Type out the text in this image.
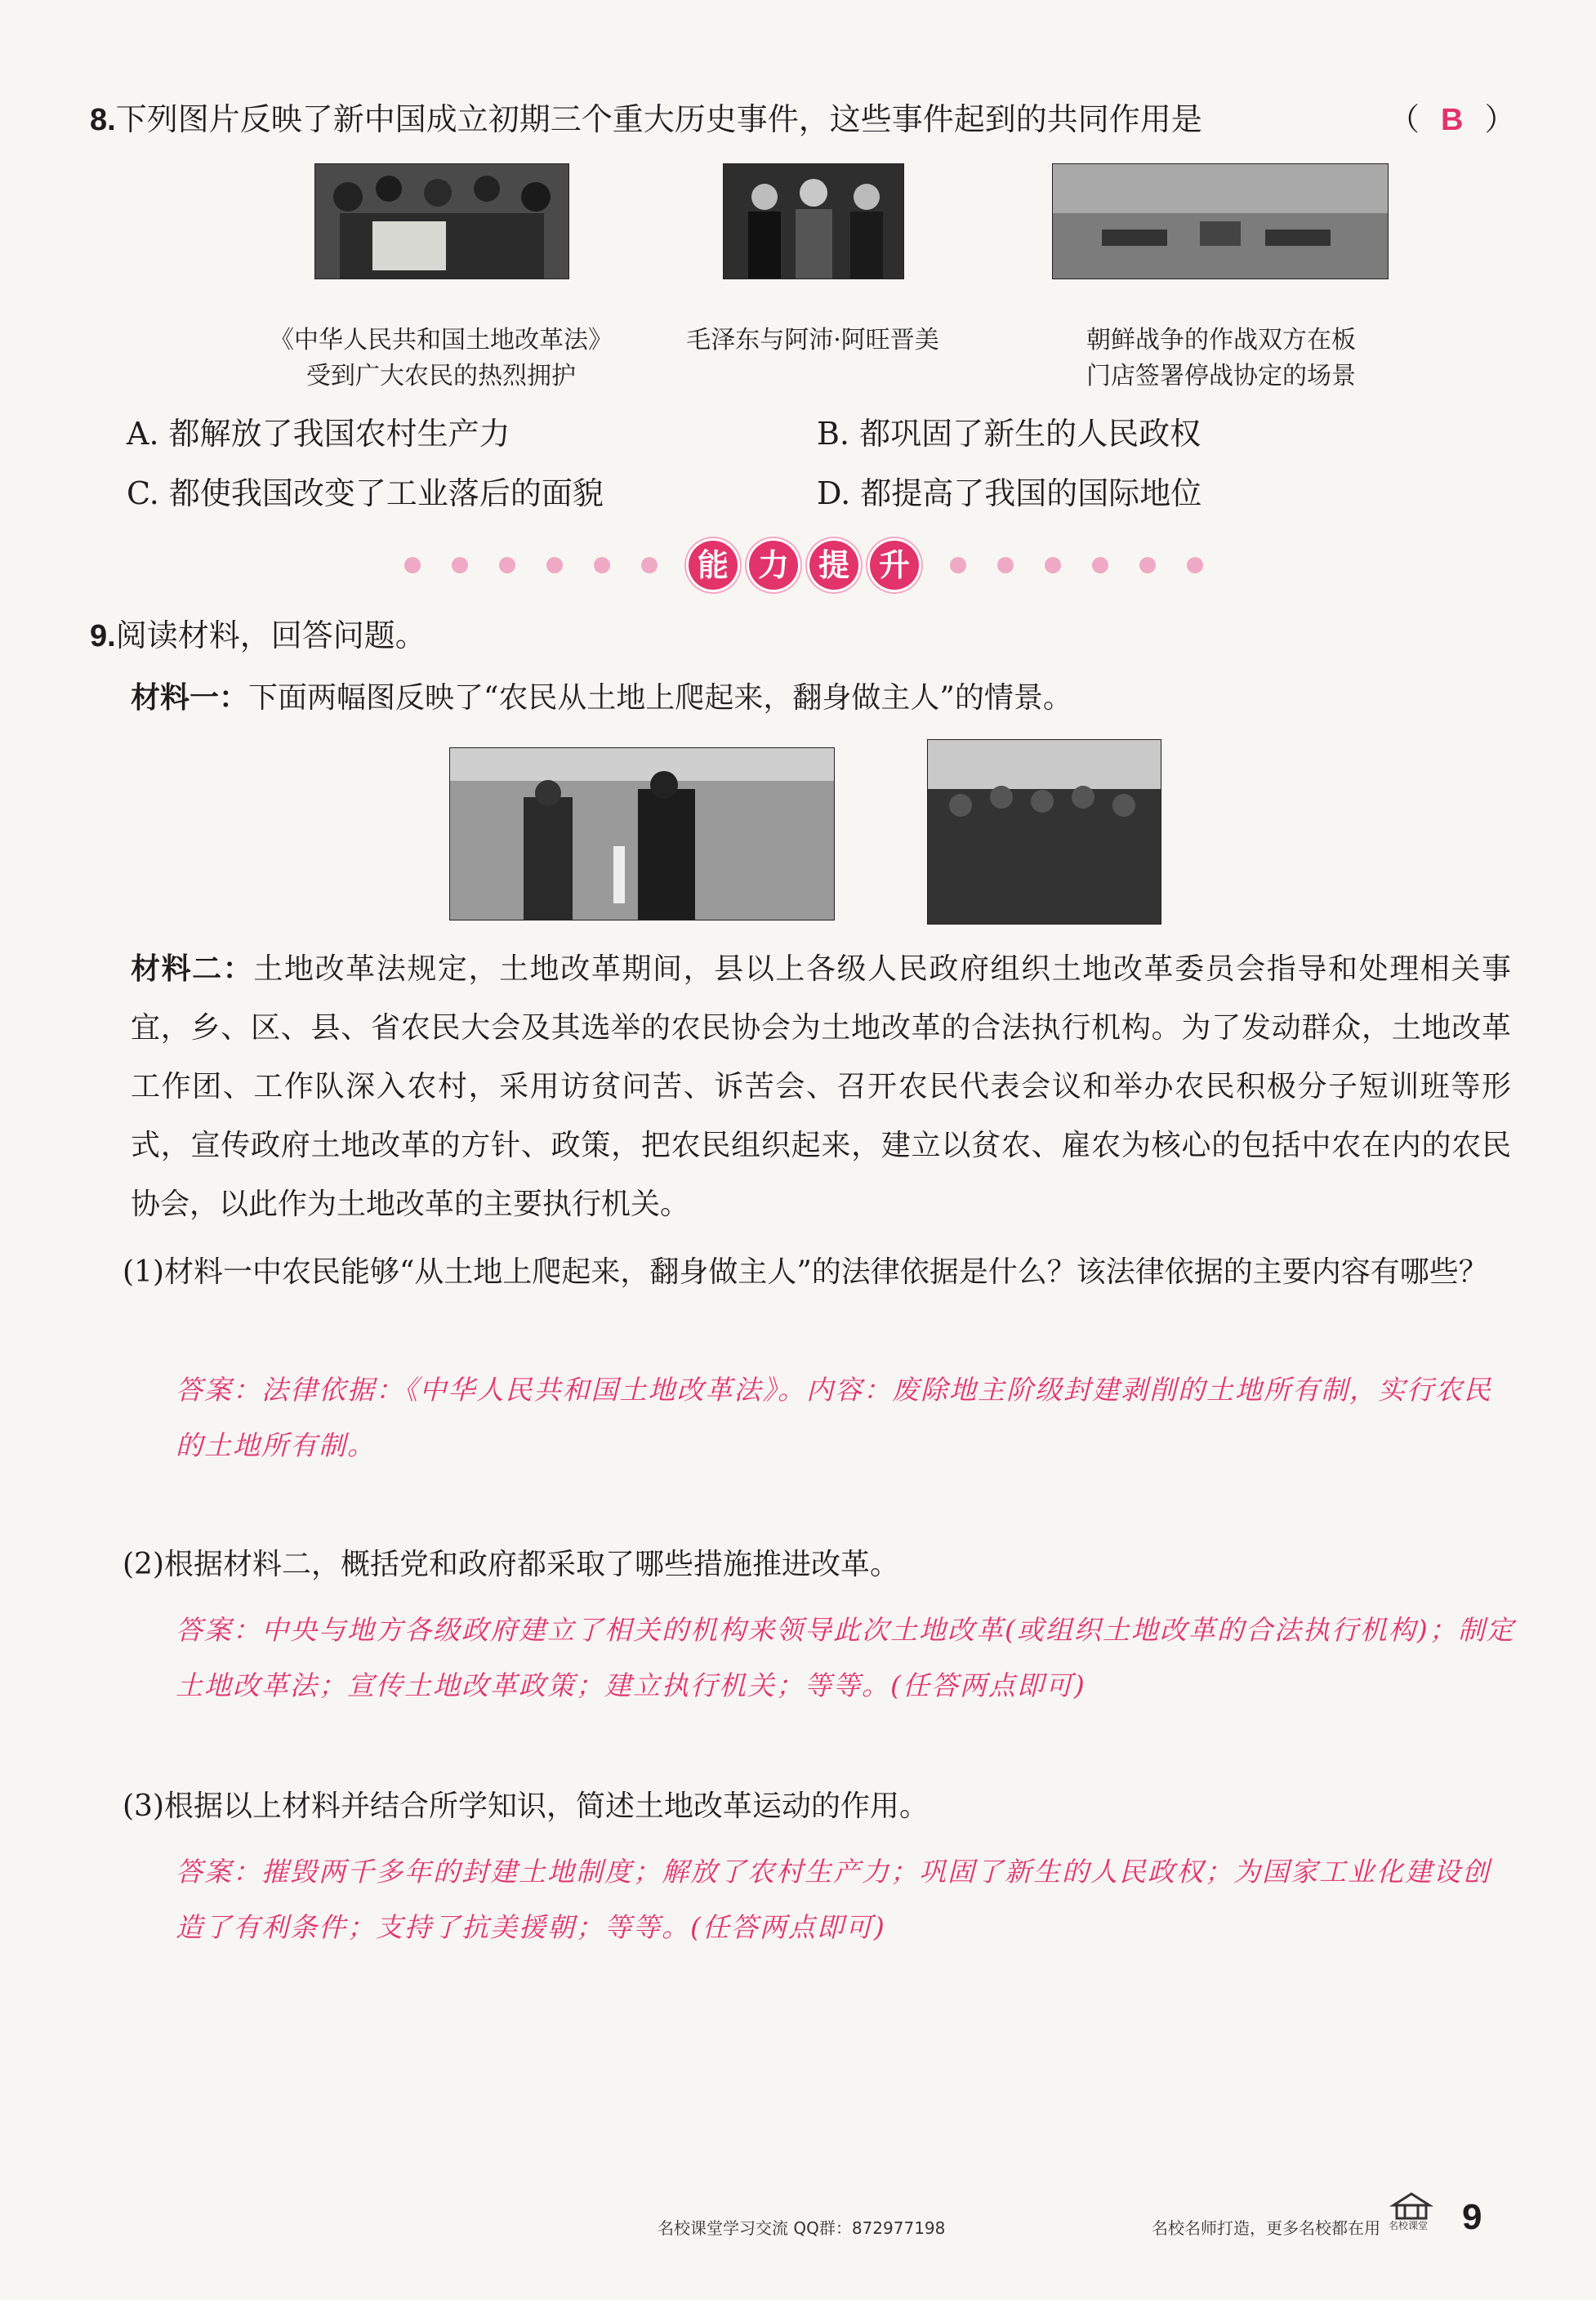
8.下列图片反映了新中国成立初期三个重大历史事件，这些事件起到的共同作用是	（ B ）
《中华人民共和国土地改革法》
受到广大农民的热烈拥护
毛泽东与阿沛·阿旺晋美	朝鲜战争的作战双方在板
门店签署停战协定的场景
A. 都解放了我国农村生产力	B. 都巩固了新生的人民政权
C. 都使我国改变了工业落后的面貌	D. 都提高了我国的国际地位
能 力 提 升
9.阅读材料，回答问题。
材料一：下面两幅图反映了“农民从土地上爬起来，翻身做主人”的情景。
材料二：土地改革法规定，土地改革期间，县以上各级人民政府组织土地改革委员会指导和处理相关事宜，乡、区、县、省农民大会及其选举的农民协会为土地改革的合法执行机构。为了发动群众，土地改革工作团、工作队深入农村，采用访贫问苦、诉苦会、召开农民代表会议和举办农民积极分子短训班等形式，宣传政府土地改革的方针、政策，把农民组织起来，建立以贫农、雇农为核心的包括中农在内的农民协会，以此作为土地改革的主要执行机关。
(1)材料一中农民能够“从土地上爬起来，翻身做主人”的法律依据是什么？该法律依据的主要内容有哪些？
答案：法律依据：《中华人民共和国土地改革法》。内容：废除地主阶级封建剥削的土地所有制，实行农民的土地所有制。
(2)根据材料二，概括党和政府都采取了哪些措施推进改革。
答案：中央与地方各级政府建立了相关的机构来领导此次土地改革(或组织土地改革的合法执行机构)；制定土地改革法；宣传土地改革政策；建立执行机关；等等。(任答两点即可)
(3)根据以上材料并结合所学知识，简述土地改革运动的作用。
答案：摧毁两千多年的封建土地制度；解放了农村生产力；巩固了新生的人民政权；为国家工业化建设创造了有利条件；支持了抗美援朝；等等。(任答两点即可)
名校课堂学习交流 QQ群：872977198	名校名师打造，更多名校都在用 名校课堂 9
